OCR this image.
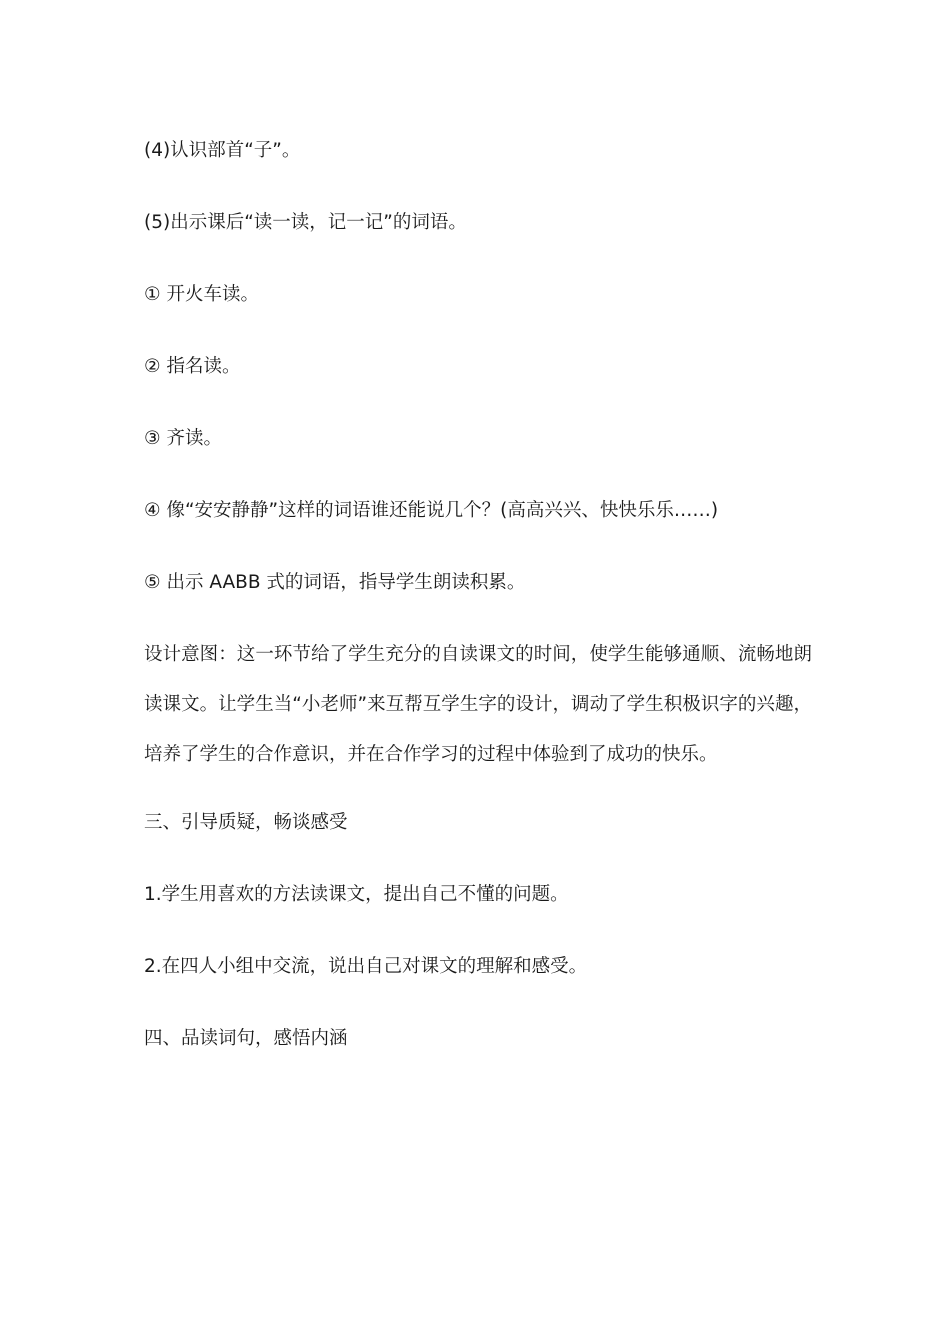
(4)认识部首“子”。

(5)出示课后“读一读，记一记”的词语。

① 开火车读。

② 指名读。

③ 齐读。

④ 像“安安静静”这样的词语谁还能说几个？(高高兴兴、快快乐乐……)

⑤ 出示 AABB 式的词语，指导学生朗读积累。

设计意图：这一环节给了学生充分的自读课文的时间，使学生能够通顺、流畅地朗读课文。让学生当“小老师”来互帮互学生字的设计，调动了学生积极识字的兴趣，培养了学生的合作意识，并在合作学习的过程中体验到了成功的快乐。

三、引导质疑，畅谈感受

1.学生用喜欢的方法读课文，提出自己不懂的问题。

2.在四人小组中交流，说出自己对课文的理解和感受。

四、品读词句，感悟内涵
